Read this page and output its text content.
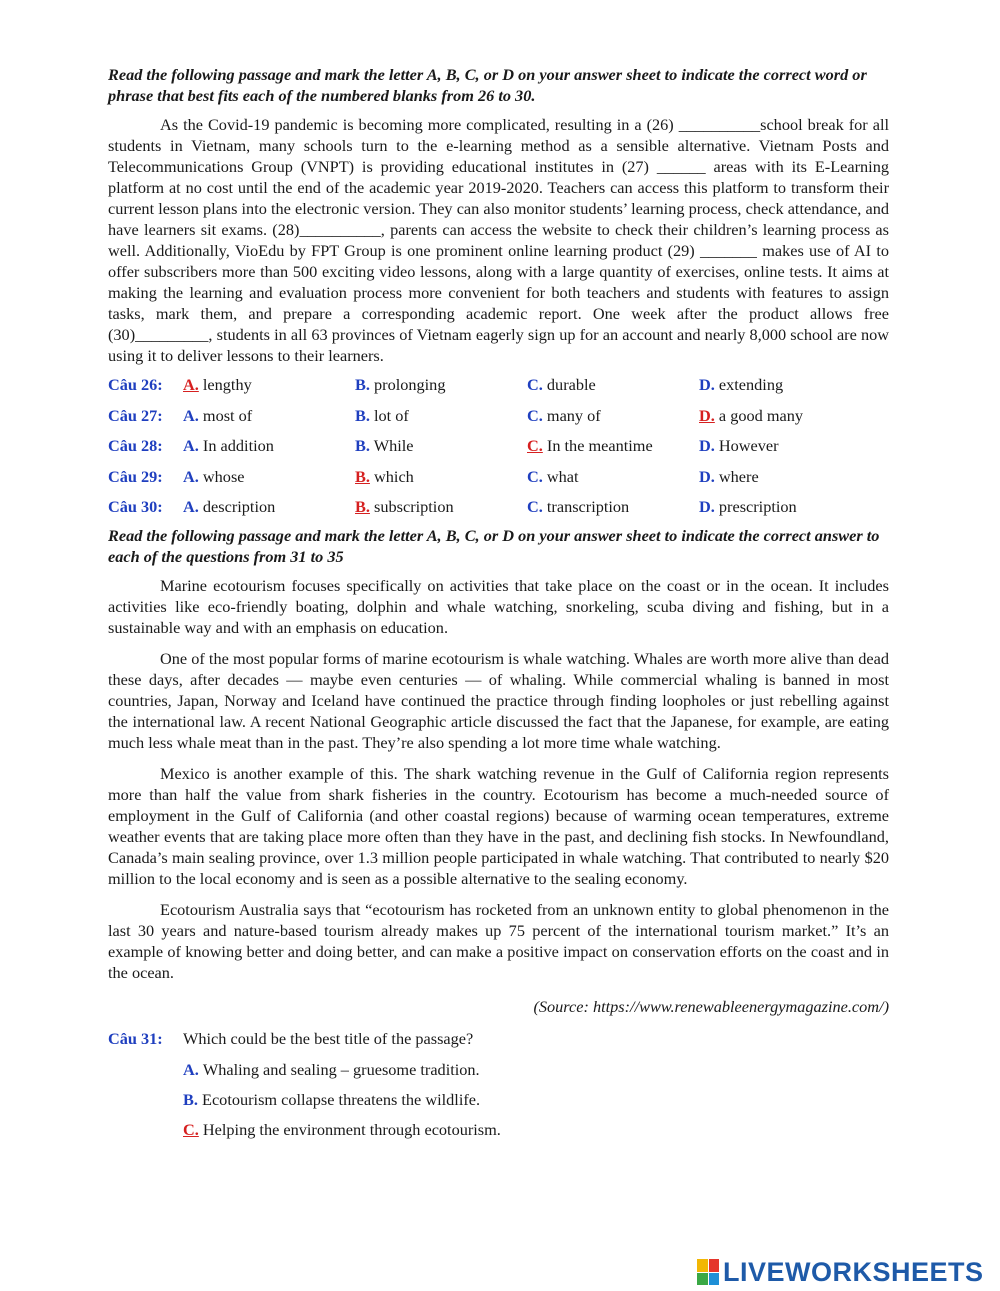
Read the following passage and mark the letter A, B, C, or D on your answer sheet to indicate the correct word or phrase that best fits each of the numbered blanks from 26 to 30.

As the Covid-19 pandemic is becoming more complicated, resulting in a (26) __________school break for all students in Vietnam, many schools turn to the e-learning method as a sensible alternative. Vietnam Posts and Telecommunications Group (VNPT) is providing educational institutes in (27) ______ areas with its E-Learning platform at no cost until the end of the academic year 2019-2020. Teachers can access this platform to transform their current lesson plans into the electronic version. They can also monitor students’ learning process, check attendance, and have learners sit exams. (28)__________, parents can access the website to check their children’s learning process as well. Additionally, VioEdu by FPT Group is one prominent online learning product (29) _______ makes use of AI to offer subscribers more than 500 exciting video lessons, along with a large quantity of exercises, online tests. It aims at making the learning and evaluation process more convenient for both teachers and students with features to assign tasks, mark them, and prepare a corresponding academic report. One week after the product allows free (30)_________, students in all 63 provinces of Vietnam eagerly sign up for an account and nearly 8,000 school are now using it to deliver lessons to their learners.

Câu 26:	A. lengthy	B. prolonging	C. durable	D. extending
Câu 27:	A. most of	B. lot of	C. many of	D. a good many
Câu 28:	A. In addition	B. While	C. In the meantime	D. However
Câu 29:	A. whose	B. which	C. what	D. where
Câu 30:	A. description	B. subscription	C. transcription	D. prescription

Read the following passage and mark the letter A, B, C, or D on your answer sheet to indicate the correct answer to each of the questions from 31 to 35

Marine ecotourism focuses specifically on activities that take place on the coast or in the ocean. It includes activities like eco-friendly boating, dolphin and whale watching, snorkeling, scuba diving and fishing, but in a sustainable way and with an emphasis on education.

One of the most popular forms of marine ecotourism is whale watching. Whales are worth more alive than dead these days, after decades — maybe even centuries — of whaling. While commercial whaling is banned in most countries, Japan, Norway and Iceland have continued the practice through finding loopholes or just rebelling against the international law. A recent National Geographic article discussed the fact that the Japanese, for example, are eating much less whale meat than in the past. They’re also spending a lot more time whale watching.

Mexico is another example of this. The shark watching revenue in the Gulf of California region represents more than half the value from shark fisheries in the country. Ecotourism has become a much-needed source of employment in the Gulf of California (and other coastal regions) because of warming ocean temperatures, extreme weather events that are taking place more often than they have in the past, and declining fish stocks. In Newfoundland, Canada’s main sealing province, over 1.3 million people participated in whale watching. That contributed to nearly $20 million to the local economy and is seen as a possible alternative to the sealing economy.

Ecotourism Australia says that “ecotourism has rocketed from an unknown entity to global phenomenon in the last 30 years and nature-based tourism already makes up 75 percent of the international tourism market.” It’s an example of knowing better and doing better, and can make a positive impact on conservation efforts on the coast and in the ocean.

(Source: https://www.renewableenergymagazine.com/)

Câu 31:	Which could be the best title of the passage?
A.
Whaling and sealing – gruesome tradition.
B.
Ecotourism collapse threatens the wildlife.
C.
Helping the environment through ecotourism.
LIVEWORKSHEETS
